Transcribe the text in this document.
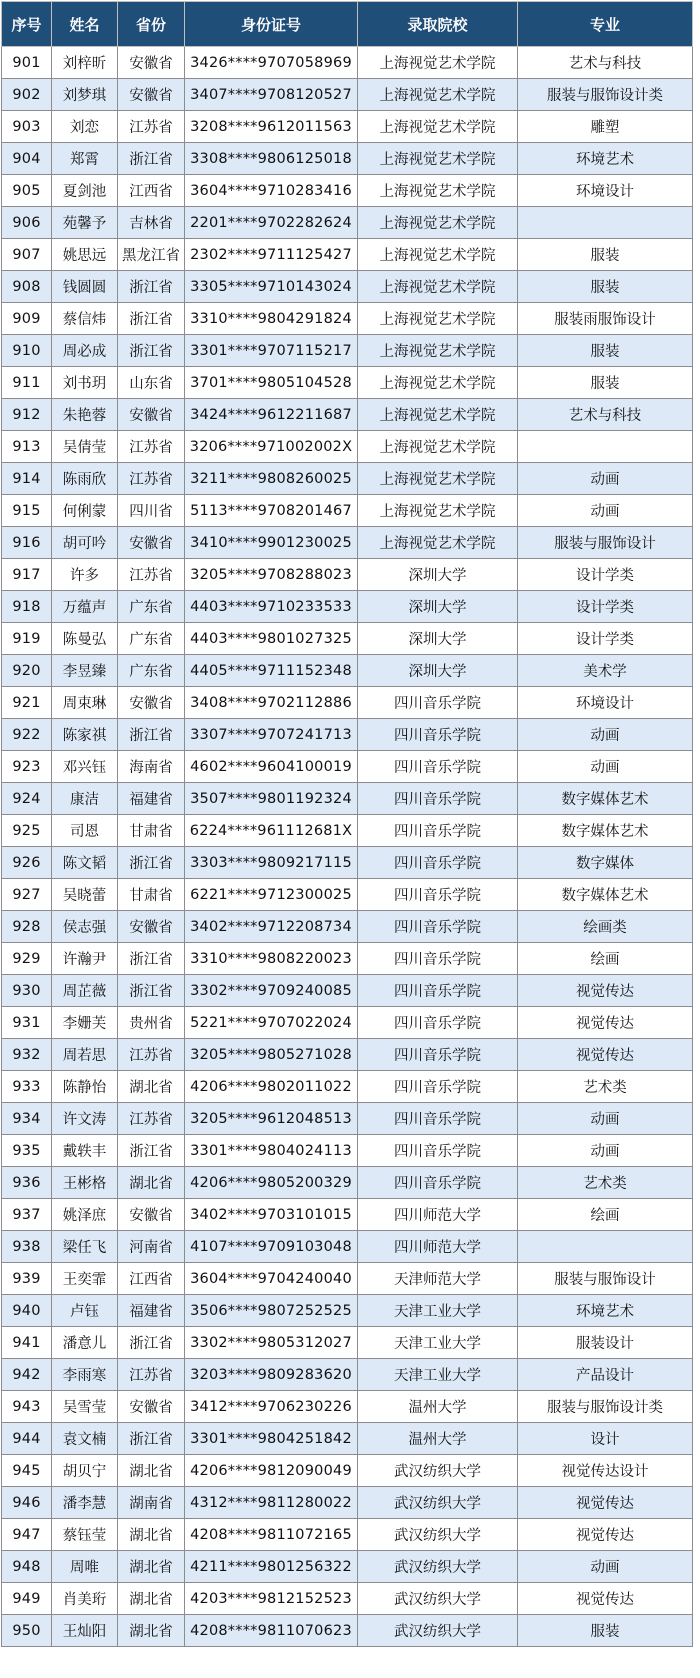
序号	姓名	省份	身份证号	录取院校	专业
901	刘梓昕	安徽省	3426****9707058969	上海视觉艺术学院	艺术与科技
902	刘梦琪	安徽省	3407****9708120527	上海视觉艺术学院	服装与服饰设计类
903	刘恋	江苏省	3208****9612011563	上海视觉艺术学院	雕塑
904	郑霄	浙江省	3308****9806125018	上海视觉艺术学院	环境艺术
905	夏剑池	江西省	3604****9710283416	上海视觉艺术学院	环境设计
906	苑馨予	吉林省	2201****9702282624	上海视觉艺术学院	
907	姚思远	黑龙江省	2302****9711125427	上海视觉艺术学院	服装
908	钱圆圆	浙江省	3305****9710143024	上海视觉艺术学院	服装
909	蔡信炜	浙江省	3310****9804291824	上海视觉艺术学院	服装雨服饰设计
910	周必成	浙江省	3301****9707115217	上海视觉艺术学院	服装
911	刘书玥	山东省	3701****9805104528	上海视觉艺术学院	服装
912	朱艳蓉	安徽省	3424****9612211687	上海视觉艺术学院	艺术与科技
913	吴倩莹	江苏省	3206****971002002X	上海视觉艺术学院	
914	陈雨欣	江苏省	3211****9808260025	上海视觉艺术学院	动画
915	何俐蒙	四川省	5113****9708201467	上海视觉艺术学院	动画
916	胡可吟	安徽省	3410****9901230025	上海视觉艺术学院	服装与服饰设计
917	许多	江苏省	3205****9708288023	深圳大学	设计学类
918	万蕴声	广东省	4403****9710233533	深圳大学	设计学类
919	陈曼弘	广东省	4403****9801027325	深圳大学	设计学类
920	李昱臻	广东省	4405****9711152348	深圳大学	美术学
921	周束琳	安徽省	3408****9702112886	四川音乐学院	环境设计
922	陈家祺	浙江省	3307****9707241713	四川音乐学院	动画
923	邓兴钰	海南省	4602****9604100019	四川音乐学院	动画
924	康洁	福建省	3507****9801192324	四川音乐学院	数字媒体艺术
925	司恩	甘肃省	6224****961112681X	四川音乐学院	数字媒体艺术
926	陈文韬	浙江省	3303****9809217115	四川音乐学院	数字媒体
927	吴晓蕾	甘肃省	6221****9712300025	四川音乐学院	数字媒体艺术
928	侯志强	安徽省	3402****9712208734	四川音乐学院	绘画类
929	许瀚尹	浙江省	3310****9808220023	四川音乐学院	绘画
930	周芷薇	浙江省	3302****9709240085	四川音乐学院	视觉传达
931	李姗芙	贵州省	5221****9707022024	四川音乐学院	视觉传达
932	周若思	江苏省	3205****9805271028	四川音乐学院	视觉传达
933	陈静怡	湖北省	4206****9802011022	四川音乐学院	艺术类
934	许文涛	江苏省	3205****9612048513	四川音乐学院	动画
935	戴轶丰	浙江省	3301****9804024113	四川音乐学院	动画
936	王彬格	湖北省	4206****9805200329	四川音乐学院	艺术类
937	姚泽庶	安徽省	3402****9703101015	四川师范大学	绘画
938	梁任飞	河南省	4107****9709103048	四川师范大学	
939	王奕霏	江西省	3604****9704240040	天津师范大学	服装与服饰设计
940	卢钰	福建省	3506****9807252525	天津工业大学	环境艺术
941	潘意儿	浙江省	3302****9805312027	天津工业大学	服装设计
942	李雨寒	江苏省	3203****9809283620	天津工业大学	产品设计
943	吴雪莹	安徽省	3412****9706230226	温州大学	服装与服饰设计类
944	袁文楠	浙江省	3301****9804251842	温州大学	设计
945	胡贝宁	湖北省	4206****9812090049	武汉纺织大学	视觉传达设计
946	潘李慧	湖南省	4312****9811280022	武汉纺织大学	视觉传达
947	蔡钰莹	湖北省	4208****9811072165	武汉纺织大学	视觉传达
948	周唯	湖北省	4211****9801256322	武汉纺织大学	动画
949	肖美珩	湖北省	4203****9812152523	武汉纺织大学	视觉传达
950	王灿阳	湖北省	4208****9811070623	武汉纺织大学	服装
